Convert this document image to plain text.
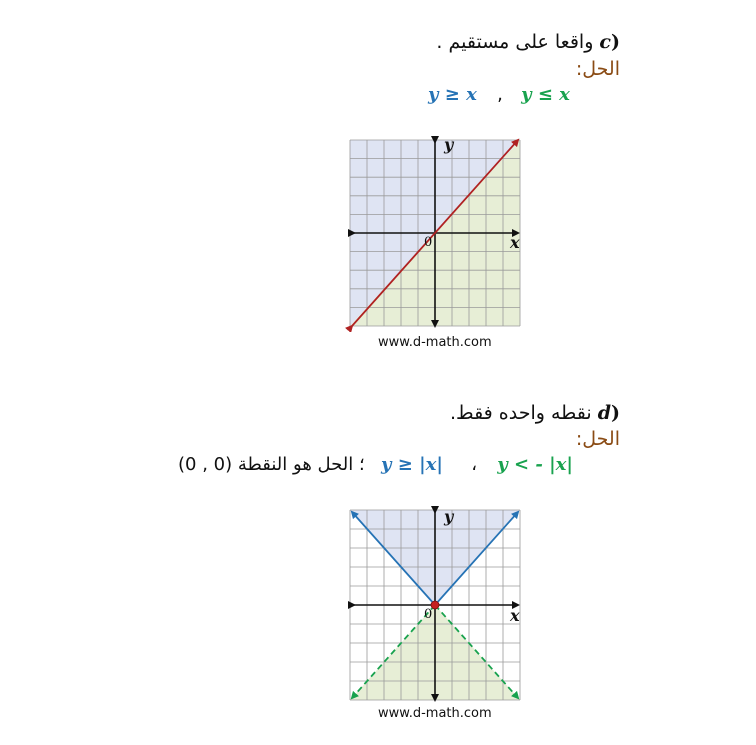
واقعا على مستقيم . c)
الحل:
y ≥ x , y ≤ x
y
x
0
www.d-math.com
نقطه واحده فقط. d)
الحل:
؛ الحل هو النقطة (0 , 0) y ≥ |x| ، y < - |x|
y
x
0
www.d-math.com
